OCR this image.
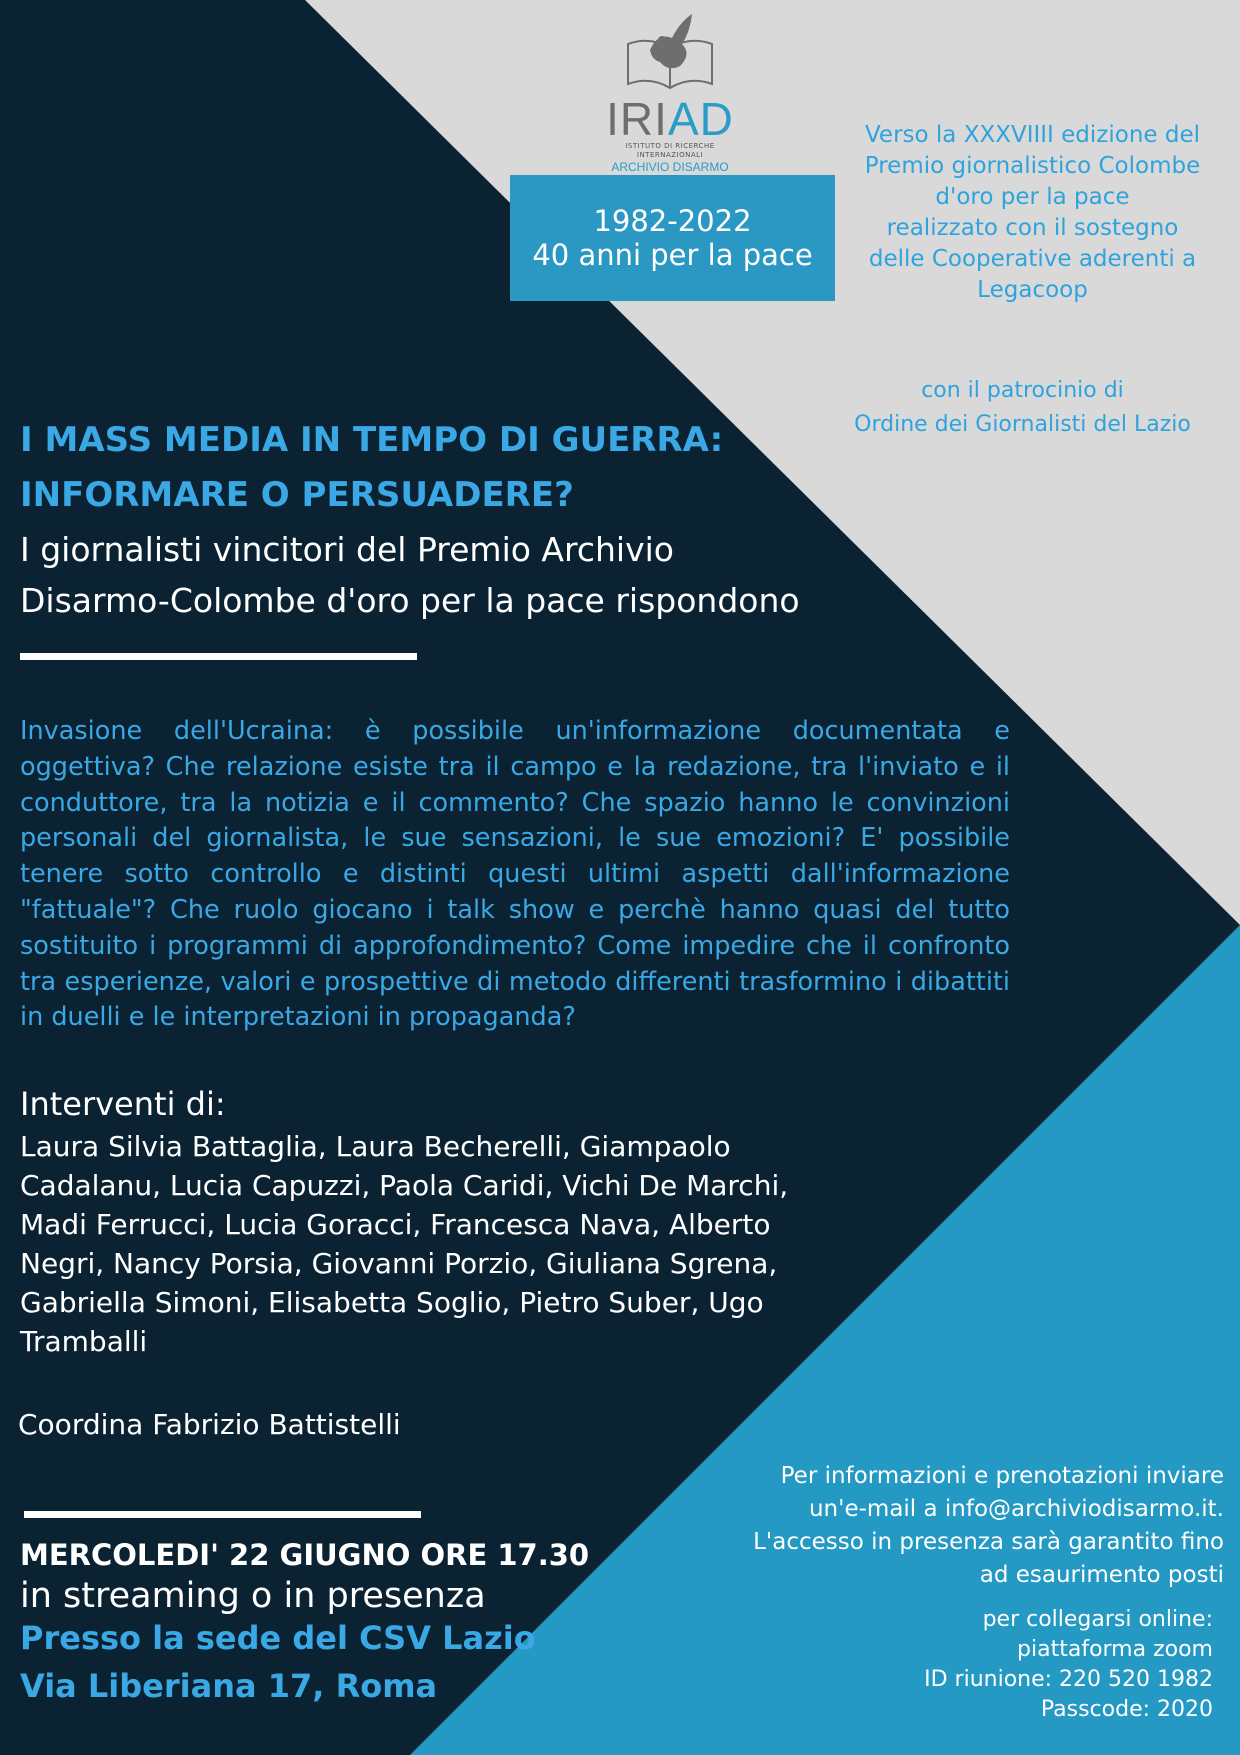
IRIAD
ISTITUTO DI RICERCHE INTERNAZIONALI
ARCHIVIO DISARMO
1982-2022
40 anni per la pace
Verso la XXXVIIII edizione del
Premio giornalistico Colombe
d'oro per la pace
realizzato con il sostegno
delle Cooperative aderenti a
Legacoop
con il patrocinio di
Ordine dei Giornalisti del Lazio
I MASS MEDIA IN TEMPO DI GUERRA:
INFORMARE O PERSUADERE?
I giornalisti vincitori del Premio Archivio
Disarmo-Colombe d'oro per la pace rispondono
Invasione dell'Ucraina: è possibile un'informazione documentata e oggettiva? Che relazione esiste tra il campo e la redazione, tra l'inviato e il conduttore, tra la notizia e il commento? Che spazio hanno le convinzioni personali del giornalista, le sue sensazioni, le sue emozioni? E' possibile tenere sotto controllo e distinti questi ultimi aspetti dall'informazione "fattuale"? Che ruolo giocano i talk show e perchè hanno quasi del tutto sostituito i programmi di approfondimento? Come impedire che il confronto tra esperienze, valori e prospettive di metodo differenti trasformino i dibattiti in duelli e le interpretazioni in propaganda?
Interventi di:
Laura Silvia Battaglia, Laura Becherelli, Giampaolo
Cadalanu, Lucia Capuzzi, Paola Caridi, Vichi De Marchi,
Madi Ferrucci, Lucia Goracci, Francesca Nava, Alberto
Negri, Nancy Porsia, Giovanni Porzio, Giuliana Sgrena,
Gabriella Simoni, Elisabetta Soglio, Pietro Suber, Ugo
Tramballi
Coordina Fabrizio Battistelli
MERCOLEDI' 22 GIUGNO ORE 17.30
in streaming o in presenza
Presso la sede del CSV Lazio
Via Liberiana 17, Roma
Per informazioni e prenotazioni inviare
un'e-mail a info@archiviodisarmo.it.
L'accesso in presenza sarà garantito fino
ad esaurimento posti
per collegarsi online:
piattaforma zoom
ID riunione: 220 520 1982
Passcode: 2020
